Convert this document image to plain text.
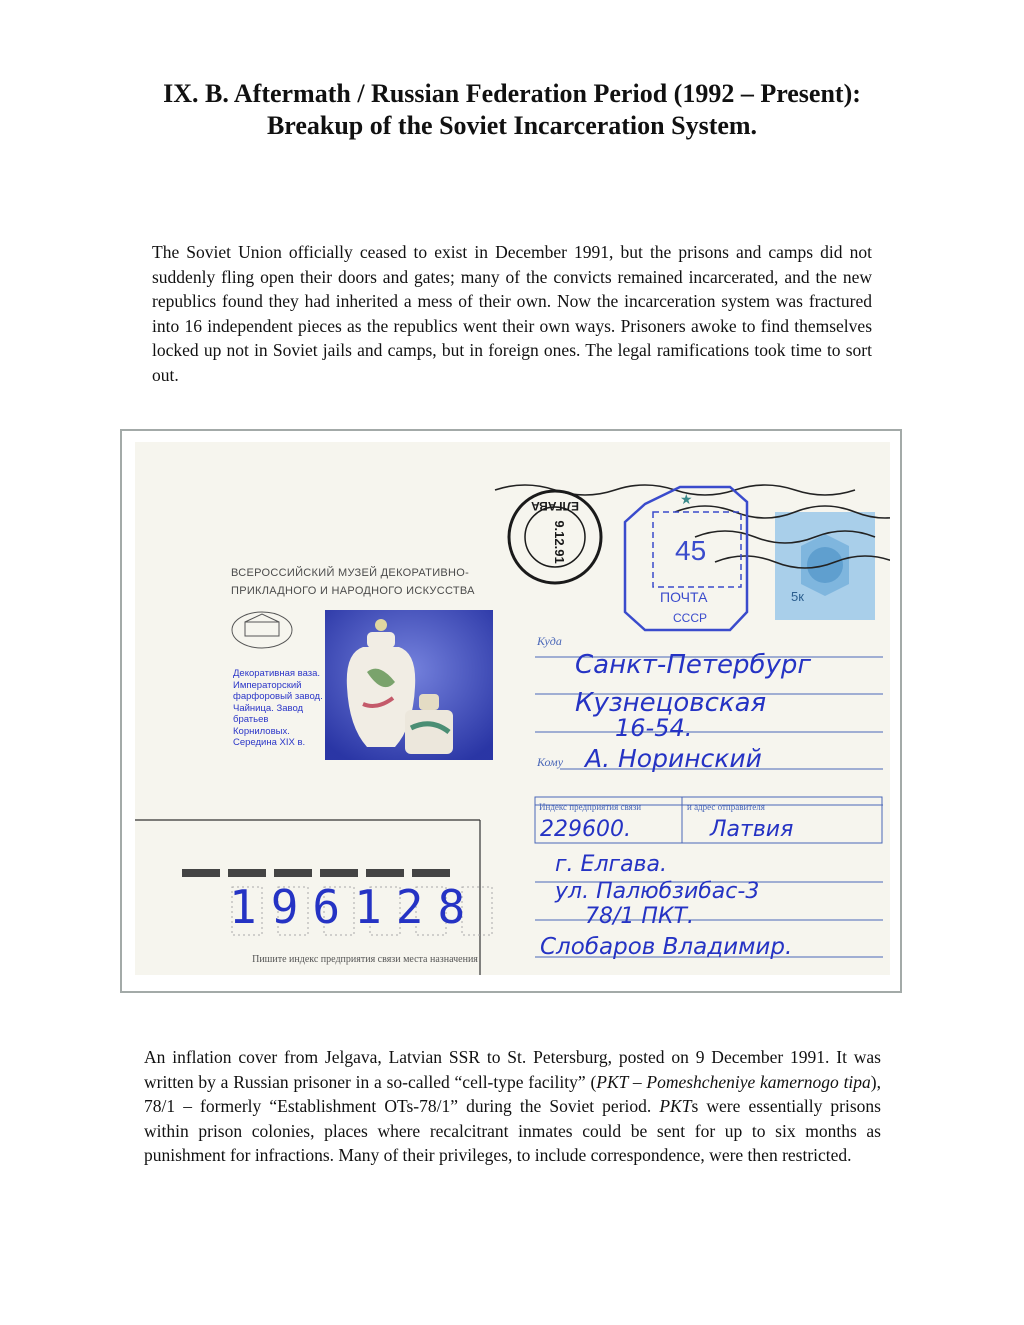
IX. B. Aftermath / Russian Federation Period (1992 – Present):
Breakup of the Soviet Incarceration System.

The Soviet Union officially ceased to exist in December 1991, but the prisons and camps did not suddenly fling open their doors and gates; many of the convicts remained incarcerated, and the new republics found they had inherited a mess of their own. Now the incarceration system was fractured into 16 independent pieces as the republics went their own ways. Prisoners awoke to find themselves locked up not in Soviet jails and camps, but in foreign ones. The legal ramifications took time to sort out.

5к
ЕЛГАВА
9.12.91	45
ПОЧТА
СССР
★
ВСЕРОССИЙСКИЙ МУЗЕЙ ДЕКОРАТИВНО-
ПРИКЛАДНОГО И НАРОДНОГО ИСКУССТВА
Декоративная ваза. Императорский фарфоровый завод. Чайница. Завод братьев Корниловых. Середина XIX в.
Куда
Кому
Индекс предприятия связи	и адрес отправителя
Санкт-Петербург
Кузнецовская
16-54.
А. Норинский
229600.	Латвия
г. Елгава.
ул. Палюбзибас-3
78/1 ПКТ.
Слобаров Владимир.
196128
Пишите индекс предприятия связи места назначения

An inflation cover from Jelgava, Latvian SSR to St. Petersburg, posted on 9 December 1991. It was written by a Russian prisoner in a so-called “cell-type facility” (PKT – Pomeshcheniye kamernogo tipa), 78/1 – formerly “Establishment OTs-78/1” during the Soviet period. PKTs were essentially prisons within prison colonies, places where recalcitrant inmates could be sent for up to six months as punishment for infractions. Many of their privileges, to include correspondence, were then restricted.
